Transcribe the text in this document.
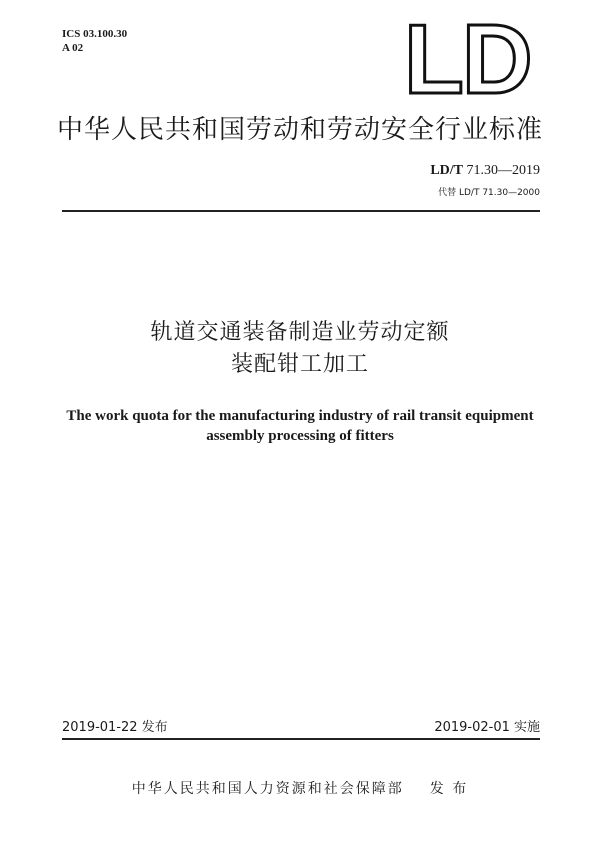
ICS 03.100.30
A 02	LD
中华人民共和国劳动和劳动安全行业标准
LD/T 71.30—2019
代替 LD/T 71.30—2000
轨道交通装备制造业劳动定额
装配钳工加工
The work quota for the manufacturing industry of rail transit equipment
assembly processing of fitters
2019-01-22 发布	2019-02-01 实施
中华人民共和国人力资源和社会保障部 发 布
